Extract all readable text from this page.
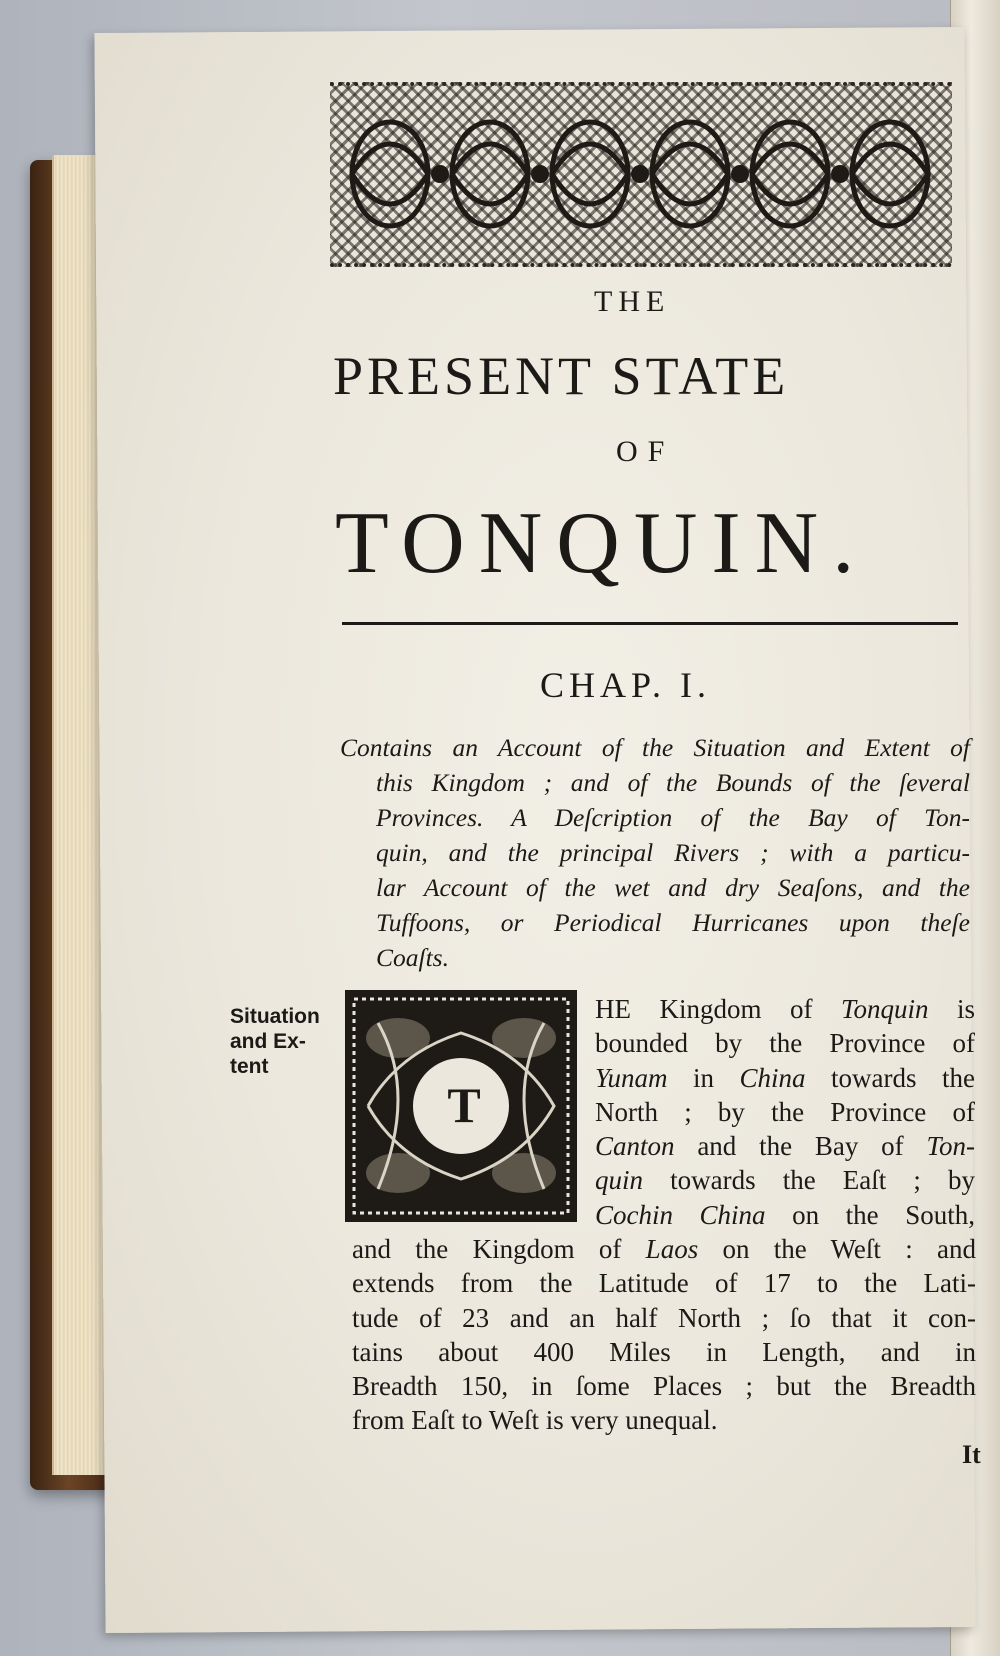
THE
PRESENT STATE
OF
TONQUIN.
CHAP. I.
Contains an Account of the Situation and Extent of
this Kingdom ; and of the Bounds of the ſeveral
Provinces. A Deſcription of the Bay of Ton-
quin, and the principal Rivers ; with a particu-
lar Account of the wet and dry Seaſons, and the
Tuffoons, or Periodical Hurricanes upon theſe
Coaſts.
Situation
and Ex-
tent
T
HE Kingdom of Tonquin is
bounded by the Province of
Yunam in China towards the
North ; by the Province of
Canton and the Bay of Ton-
quin towards the Eaſt ; by
Cochin China on the South,
and the Kingdom of Laos on the Weſt : and
extends from the Latitude of 17 to the Lati-
tude of 23 and an half North ; ſo that it con-
tains about 400 Miles in Length, and in
Breadth 150, in ſome Places ; but the Breadth
from Eaſt to Weſt is very unequal.
It
